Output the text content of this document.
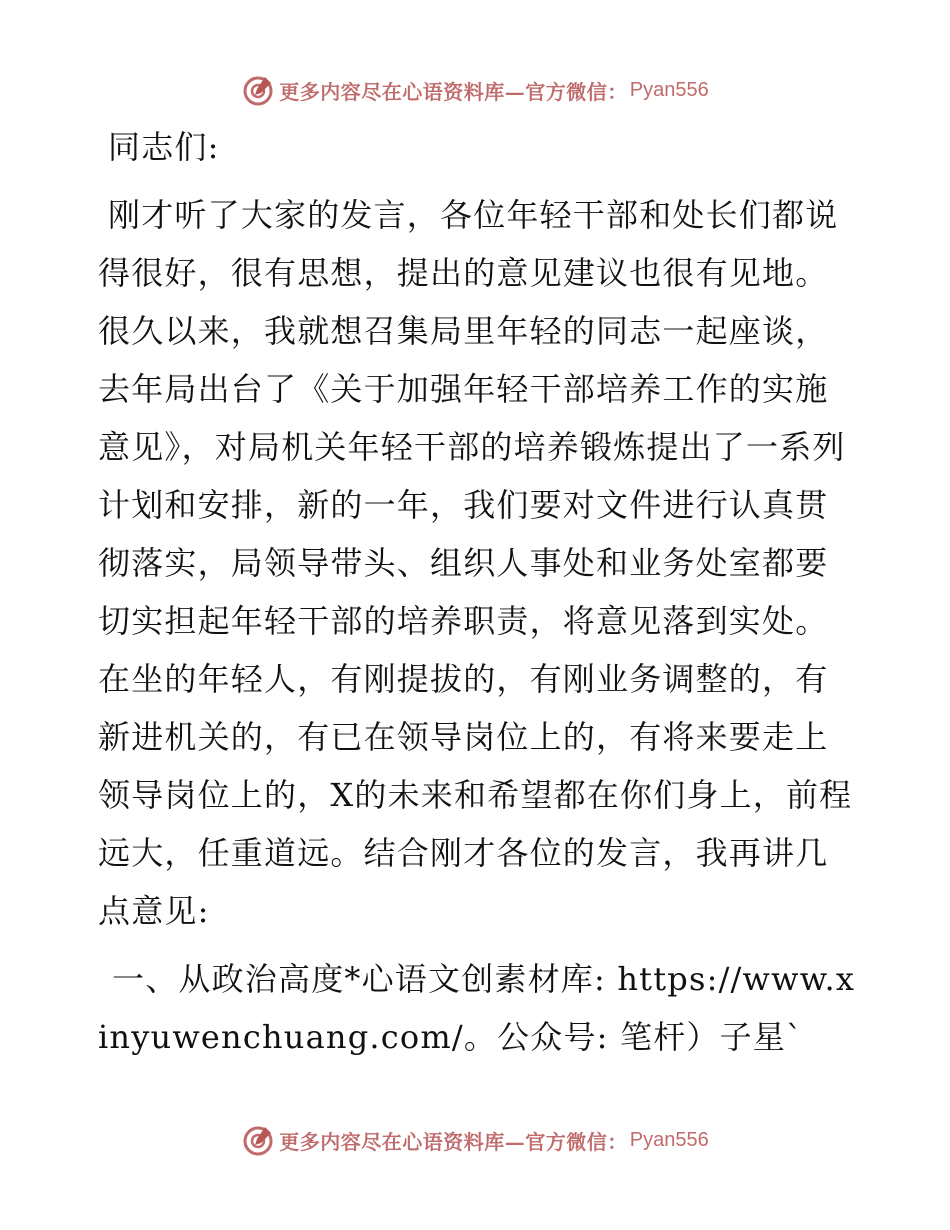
更多内容尽在心语资料库—官方微信： Pyan556

同志们:

刚才听了大家的发言，各位年轻干部和处长们都说得很好，很有思想，提出的意见建议也很有见地。很久以来，我就想召集局里年轻的同志一起座谈，去年局出台了《关于加强年轻干部培养工作的实施意见》，对局机关年轻干部的培养锻炼提出了一系列计划和安排，新的一年，我们要对文件进行认真贯彻落实，局领导带头、组织人事处和业务处室都要切实担起年轻干部的培养职责，将意见落到实处。在坐的年轻人，有刚提拔的，有刚业务调整的，有新进机关的，有已在领导岗位上的，有将来要走上领导岗位上的，X的未来和希望都在你们身上，前程远大，任重道远。结合刚才各位的发言，我再讲几点意见:

一、从政治高度*心语文创素材库: https://www.xinyuwenchuang.com/。公众号: 笔杆）子星`

更多内容尽在心语资料库—官方微信： Pyan556
